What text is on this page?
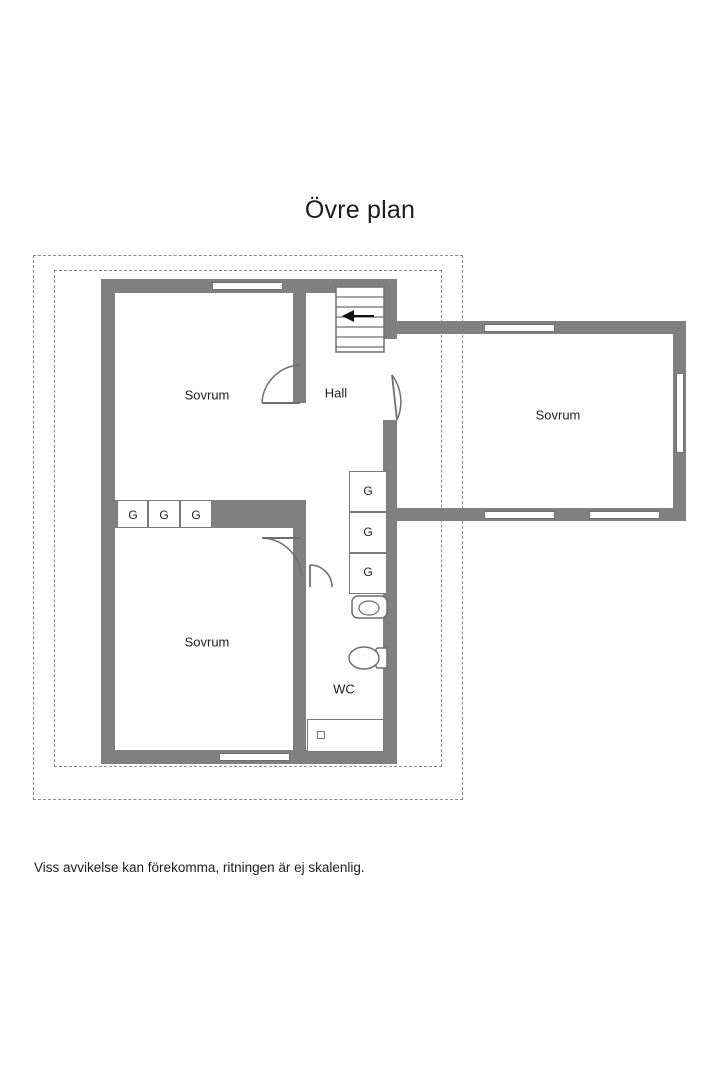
Övre plan
Sovrum	Hall
Sovrum
Sovrum
WC
G G G
G
G
G
Viss avvikelse kan förekomma, ritningen är ej skalenlig.
